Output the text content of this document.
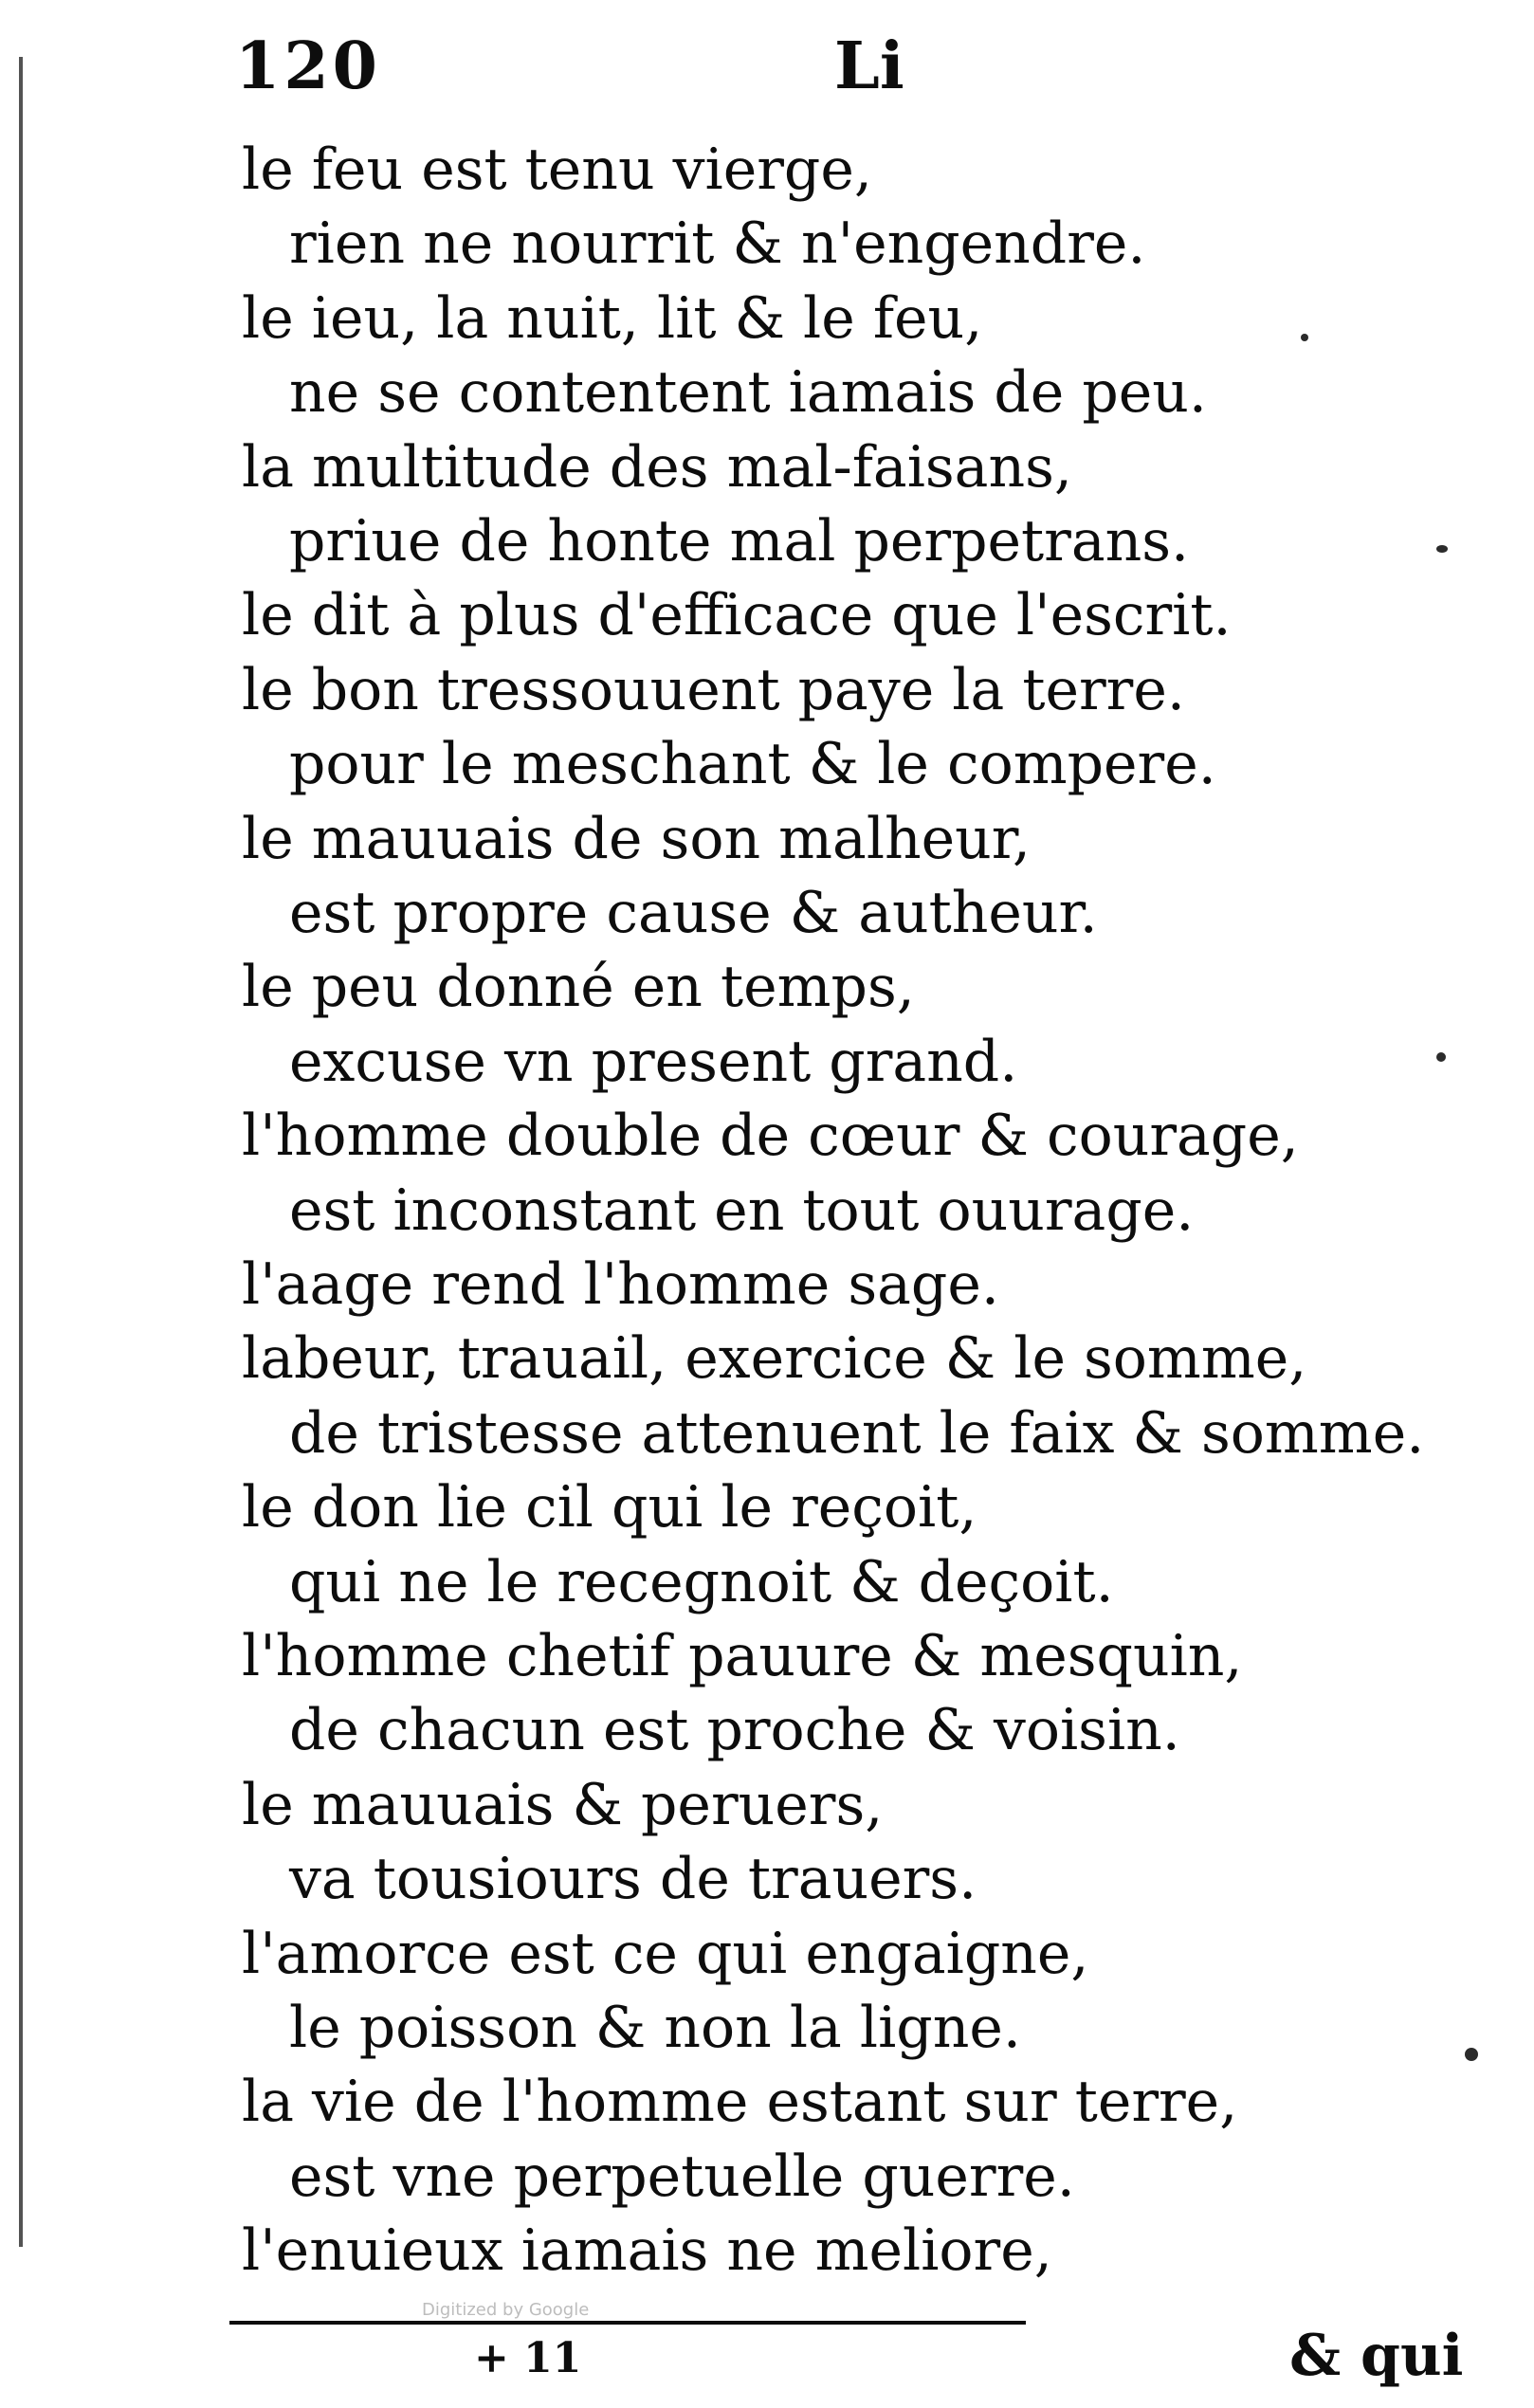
120	Li
le feu est tenu vierge,
rien ne nourrit & n'engendre.
le ieu, la nuit, lit & le feu,
ne se contentent iamais de peu.
la multitude des mal-faisans,
priue de honte mal perpetrans.
le dit à plus d'efficace que l'escrit.
le bon tressouuent paye la terre.
pour le meschant & le compere.
le mauuais de son malheur,
est propre cause & autheur.
le peu donné en temps,
excuse vn present grand.
l'homme double de cœur & courage,
est inconstant en tout ouurage.
l'aage rend l'homme sage.
labeur, trauail, exercice & le somme,
de tristesse attenuent le faix & somme.
le don lie cil qui le reçoit,
qui ne le recegnoit & deçoit.
l'homme chetif pauure & mesquin,
de chacun est proche & voisin.
le mauuais & peruers,
va tousiours de trauers.
l'amorce est ce qui engaigne,
le poisson & non la ligne.
la vie de l'homme estant sur terre,
est vne perpetuelle guerre.
l'enuieux iamais ne meliore,
Digitized by Google
+ 11	& qui
